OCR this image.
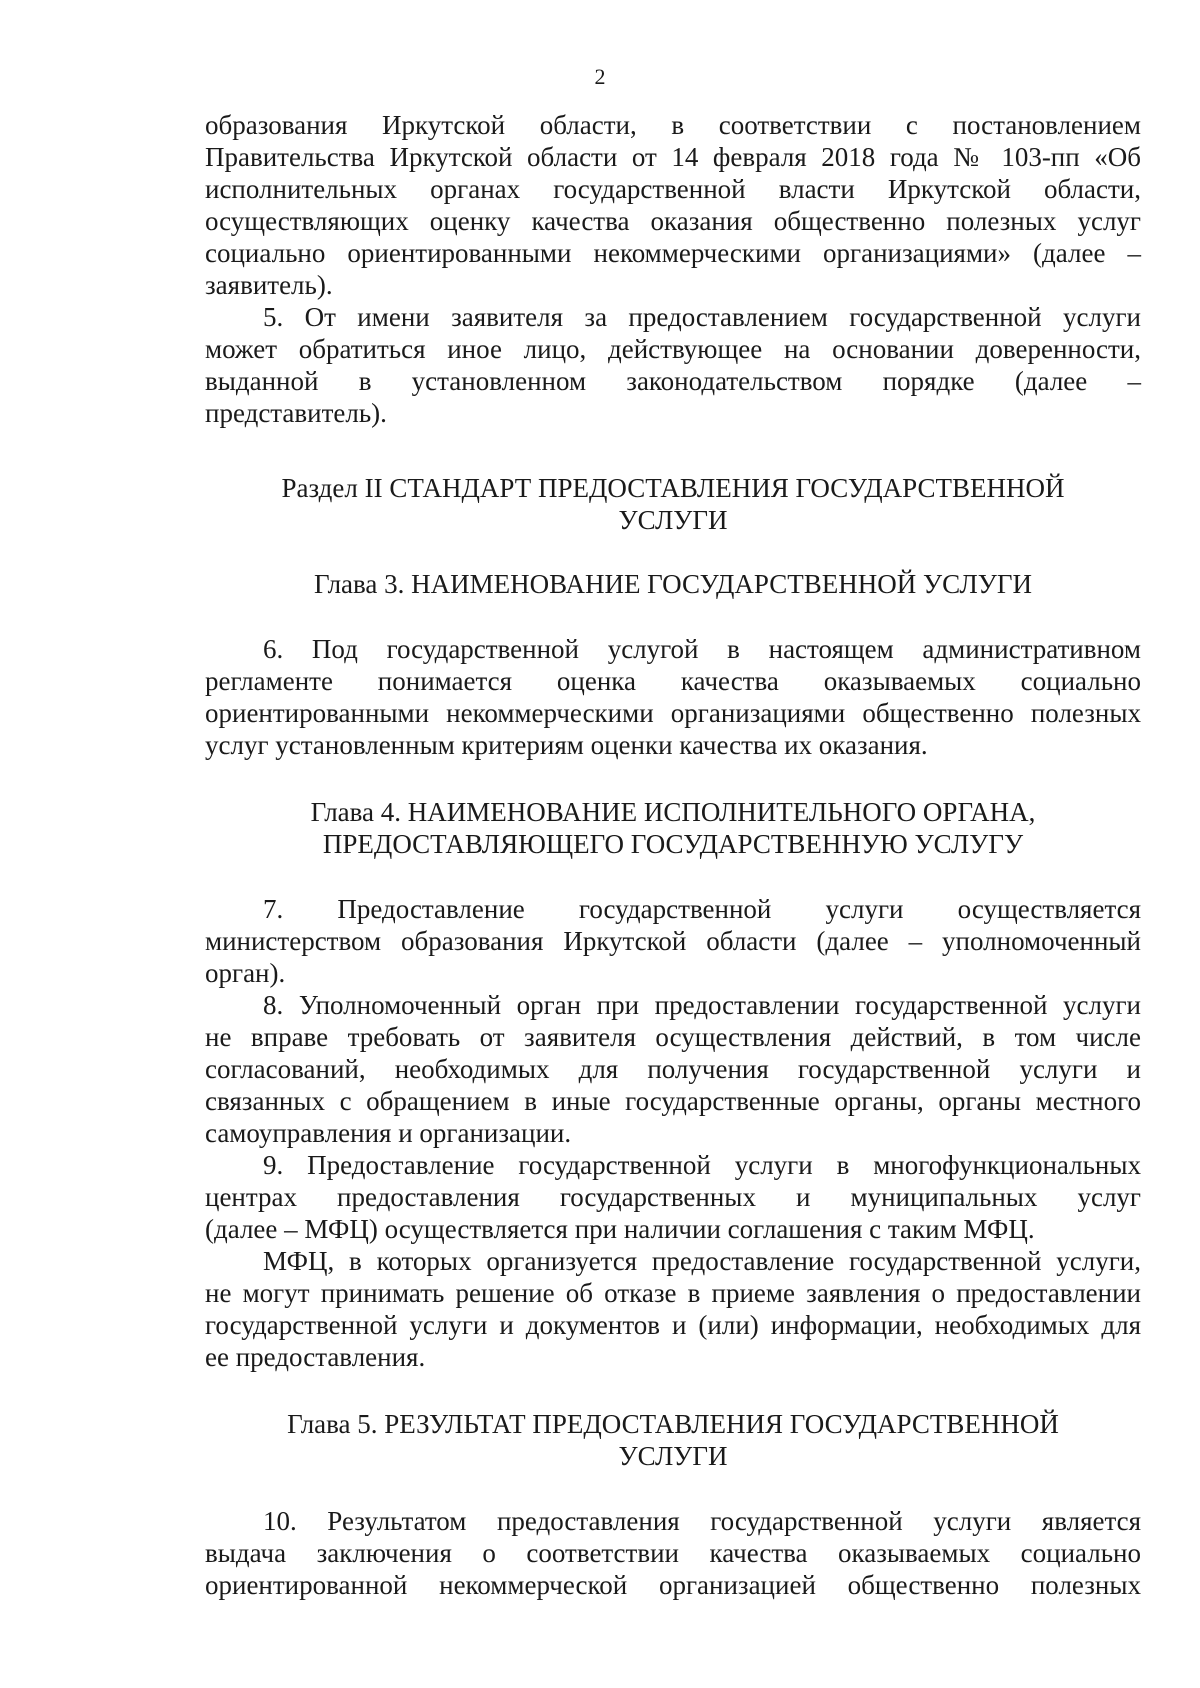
2
образования Иркутской области, в соответствии с постановлением
Правительства Иркутской области от 14 февраля 2018 года № 103-пп «Об
исполнительных органах государственной власти Иркутской области,
осуществляющих оценку качества оказания общественно полезных услуг
социально ориентированными некоммерческими организациями» (далее –
заявитель).
5. От имени заявителя за предоставлением государственной услуги
может обратиться иное лицо, действующее на основании доверенности,
выданной в установленном законодательством порядке (далее –
представитель).
Раздел II СТАНДАРТ ПРЕДОСТАВЛЕНИЯ ГОСУДАРСТВЕННОЙ
УСЛУГИ
Глава 3. НАИМЕНОВАНИЕ ГОСУДАРСТВЕННОЙ УСЛУГИ
6. Под государственной услугой в настоящем административном
регламенте понимается оценка качества оказываемых социально
ориентированными некоммерческими организациями общественно полезных
услуг установленным критериям оценки качества их оказания.
Глава 4. НАИМЕНОВАНИЕ ИСПОЛНИТЕЛЬНОГО ОРГАНА,
ПРЕДОСТАВЛЯЮЩЕГО ГОСУДАРСТВЕННУЮ УСЛУГУ
7. Предоставление государственной услуги осуществляется
министерством образования Иркутской области (далее – уполномоченный
орган).
8. Уполномоченный орган при предоставлении государственной услуги
не вправе требовать от заявителя осуществления действий, в том числе
согласований, необходимых для получения государственной услуги и
связанных с обращением в иные государственные органы, органы местного
самоуправления и организации.
9. Предоставление государственной услуги в многофункциональных
центрах предоставления государственных и муниципальных услуг
(далее – МФЦ) осуществляется при наличии соглашения с таким МФЦ.
МФЦ, в которых организуется предоставление государственной услуги,
не могут принимать решение об отказе в приеме заявления о предоставлении
государственной услуги и документов и (или) информации, необходимых для
ее предоставления.
Глава 5. РЕЗУЛЬТАТ ПРЕДОСТАВЛЕНИЯ ГОСУДАРСТВЕННОЙ
УСЛУГИ
10. Результатом предоставления государственной услуги является
выдача заключения о соответствии качества оказываемых социально
ориентированной некоммерческой организацией общественно полезных
